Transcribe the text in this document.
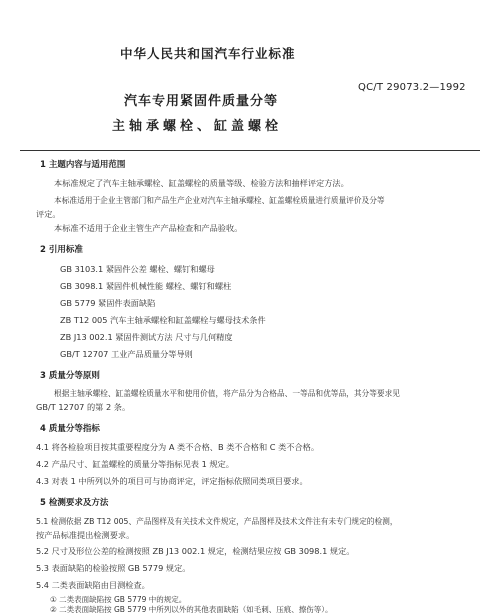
中华人民共和国汽车行业标准
QC/T 29073.2—1992
汽车专用紧固件质量分等
主轴承螺栓、缸盖螺栓
1 主题内容与适用范围
本标准规定了汽车主轴承螺栓、缸盖螺栓的质量等级、检验方法和抽样评定方法。
本标准适用于企业主管部门和产品生产企业对汽车主轴承螺栓、缸盖螺栓质量进行质量评价及分等
评定。
本标准不适用于企业主管生产产品检查和产品验收。
2 引用标准
GB 3103.1 紧固件公差 螺栓、螺钉和螺母
GB 3098.1 紧固件机械性能 螺栓、螺钉和螺柱
GB 5779 紧固件表面缺陷
ZB T12 005 汽车主轴承螺栓和缸盖螺栓与螺母技术条件
ZB J13 002.1 紧固件测试方法 尺寸与几何精度
GB/T 12707 工业产品质量分等导则
3 质量分等原则
根据主轴承螺栓、缸盖螺栓质量水平和使用价值，将产品分为合格品、一等品和优等品，其分等要求见
GB/T 12707 的第 2 条。
4 质量分等指标
4.1 将各检验项目按其重要程度分为 A 类不合格、B 类不合格和 C 类不合格。
4.2 产品尺寸、缸盖螺栓的质量分等指标见表 1 规定。
4.3 对表 1 中所列以外的项目可与协商评定，评定指标依照同类项目要求。
5 检测要求及方法
5.1 检测依据 ZB T12 005、产品图样及有关技术文件规定，产品图样及技术文件注有未专门规定的检测，
按产品标准提出检测要求。
5.2 尺寸及形位公差的检测按照 ZB J13 002.1 规定，检测结果应按 GB 3098.1 规定。
5.3 表面缺陷的检验按照 GB 5779 规定。
5.4 二类表面缺陷由目测检查。
① 二类表面缺陷按 GB 5779 中的规定。
② 二类表面缺陷按 GB 5779 中所列以外的其他表面缺陷（如毛刺、压痕、擦伤等）。
